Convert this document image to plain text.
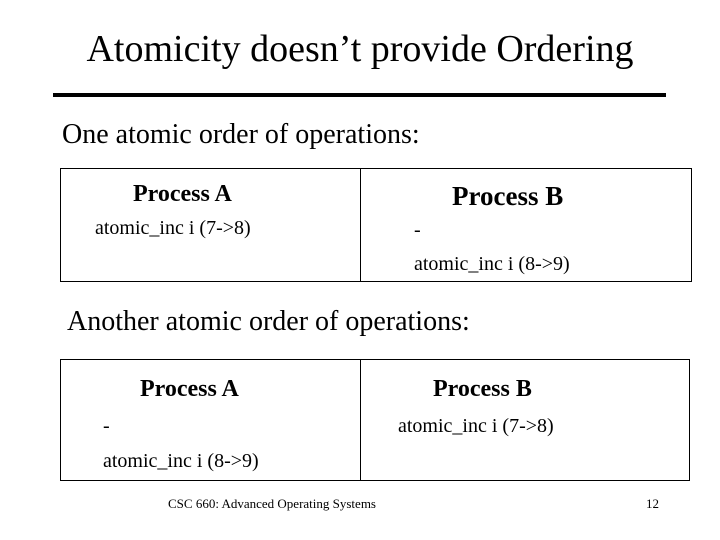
Atomicity doesn’t provide Ordering
One atomic order of operations:
Process A
atomic_inc i (7->8)
Process B
-
atomic_inc i (8->9)
Another atomic order of operations:
Process A
-
atomic_inc i (8->9)
Process B
atomic_inc i (7->8)
CSC 660: Advanced Operating Systems	12
